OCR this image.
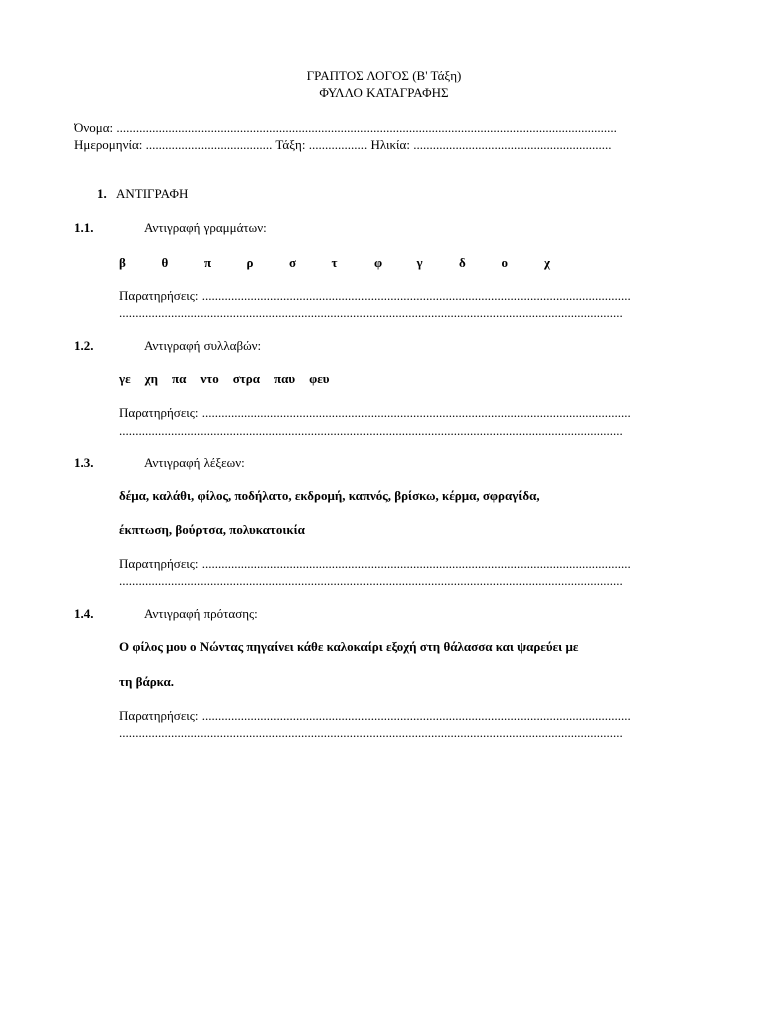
ΓΡΑΠΤΟΣ ΛΟΓΟΣ (Β' Τάξη)
ΦΥΛΛΟ ΚΑΤΑΓΡΑΦΗΣ
Όνομα: ..........................................................................................................................................................
Ημερομηνία: ....................................... Τάξη: .................. Ηλικία: .............................................................
1. ΑΝΤΙΓΡΑΦΗ
1.1.	Αντιγραφή γραμμάτων:
β	θ	π	ρ	σ	τ	φ	γ	δ	ο	χ
Παρατηρήσεις: ....................................................................................................................................
...........................................................................................................................................................
1.2.	Αντιγραφή συλλαβών:
γε χη πα ντο στρα παυ φευ
Παρατηρήσεις: ....................................................................................................................................
...........................................................................................................................................................
1.3.	Αντιγραφή λέξεων:
δέμα, καλάθι, φίλος, ποδήλατο, εκδρομή, καπνός, βρίσκω, κέρμα, σφραγίδα,
έκπτωση, βούρτσα, πολυκατοικία
Παρατηρήσεις: ....................................................................................................................................
...........................................................................................................................................................
1.4.	Αντιγραφή πρότασης:
Ο φίλος μου ο Νώντας πηγαίνει κάθε καλοκαίρι εξοχή στη θάλασσα και ψαρεύει με
τη βάρκα.
Παρατηρήσεις: ....................................................................................................................................
...........................................................................................................................................................
